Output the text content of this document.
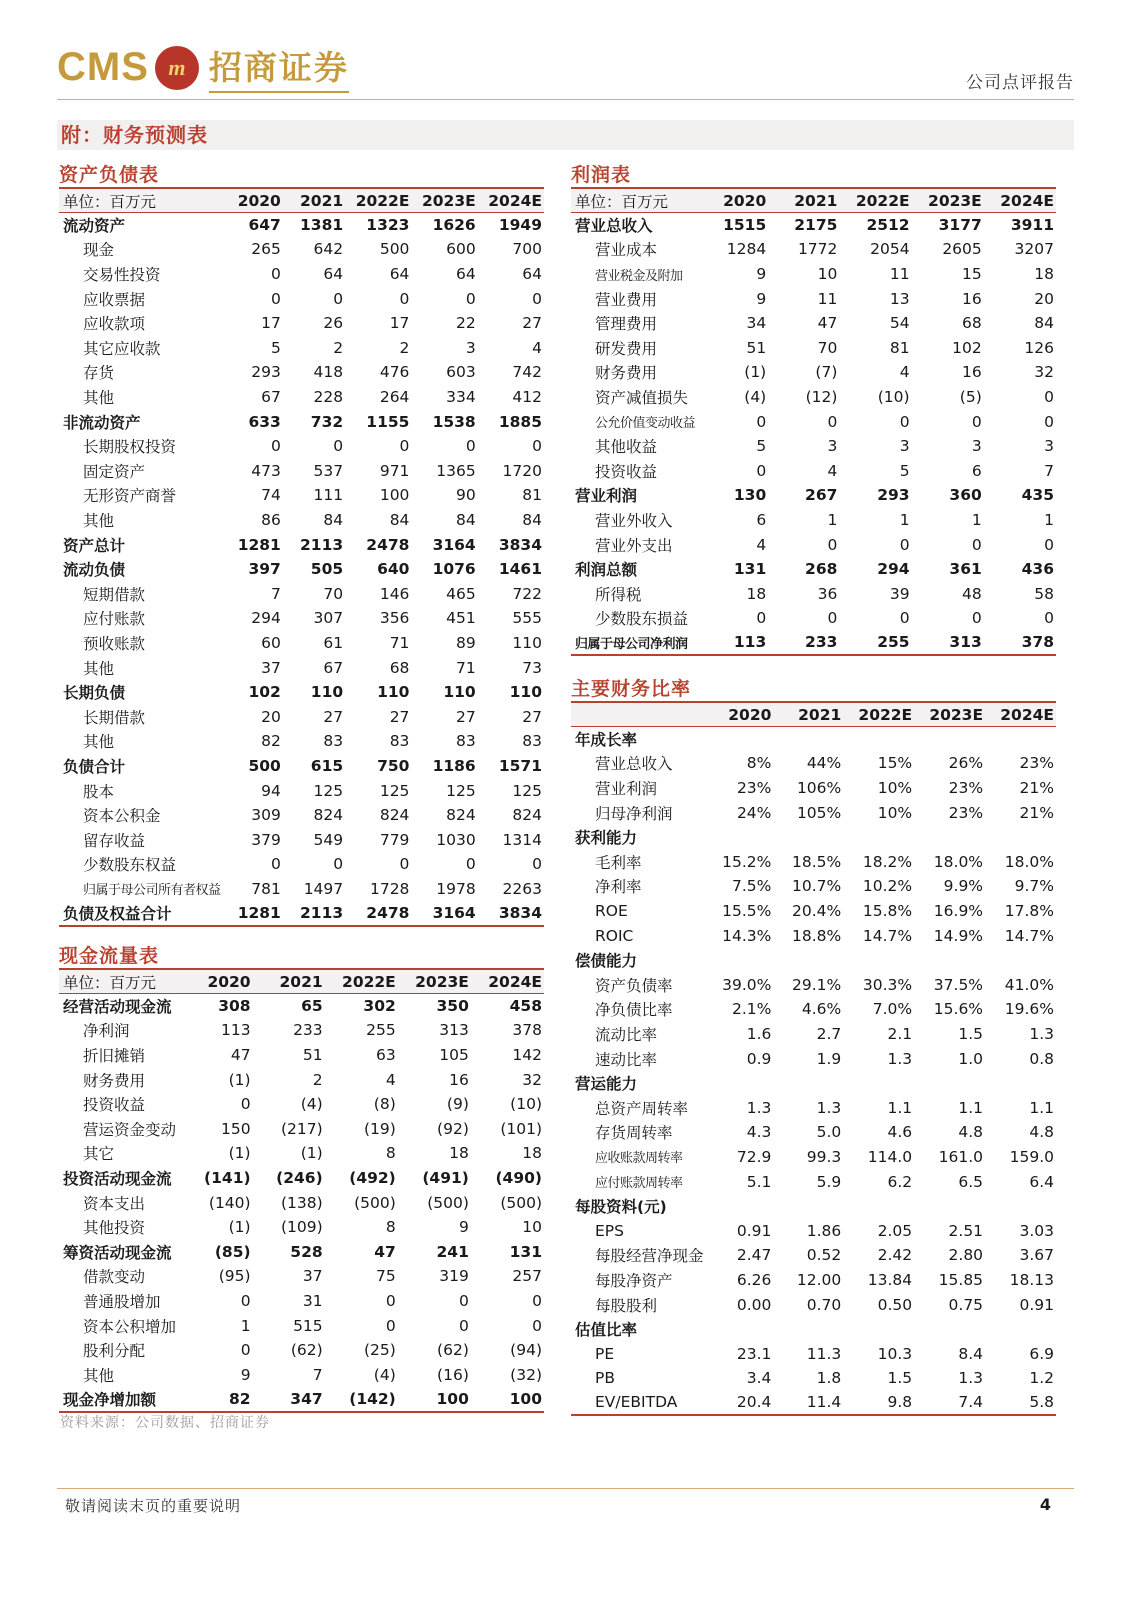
CMS m 招商证券	公司点评报告
附：财务预测表
资产负债表
单位：百万元	2020	2021	2022E	2023E	2024E
流动资产	647	1381	1323	1626	1949
现金	265	642	500	600	700
交易性投资	0	64	64	64	64
应收票据	0	0	0	0	0
应收款项	17	26	17	22	27
其它应收款	5	2	2	3	4
存货	293	418	476	603	742
其他	67	228	264	334	412
非流动资产	633	732	1155	1538	1885
长期股权投资	0	0	0	0	0
固定资产	473	537	971	1365	1720
无形资产商誉	74	111	100	90	81
其他	86	84	84	84	84
资产总计	1281	2113	2478	3164	3834
流动负债	397	505	640	1076	1461
短期借款	7	70	146	465	722
应付账款	294	307	356	451	555
预收账款	60	61	71	89	110
其他	37	67	68	71	73
长期负债	102	110	110	110	110
长期借款	20	27	27	27	27
其他	82	83	83	83	83
负债合计	500	615	750	1186	1571
股本	94	125	125	125	125
资本公积金	309	824	824	824	824
留存收益	379	549	779	1030	1314
少数股东权益	0	0	0	0	0
归属于母公司所有者权益	781	1497	1728	1978	2263
负债及权益合计	1281	2113	2478	3164	3834
现金流量表
单位：百万元	2020	2021	2022E	2023E	2024E
经营活动现金流	308	65	302	350	458
净利润	113	233	255	313	378
折旧摊销	47	51	63	105	142
财务费用	(1)	2	4	16	32
投资收益	0	(4)	(8)	(9)	(10)
营运资金变动	150	(217)	(19)	(92)	(101)
其它	(1)	(1)	8	18	18
投资活动现金流	(141)	(246)	(492)	(491)	(490)
资本支出	(140)	(138)	(500)	(500)	(500)
其他投资	(1)	(109)	8	9	10
筹资活动现金流	(85)	528	47	241	131
借款变动	(95)	37	75	319	257
普通股增加	0	31	0	0	0
资本公积增加	1	515	0	0	0
股利分配	0	(62)	(25)	(62)	(94)
其他	9	7	(4)	(16)	(32)
现金净增加额	82	347	(142)	100	100
利润表
单位：百万元	2020	2021	2022E	2023E	2024E
营业总收入	1515	2175	2512	3177	3911
营业成本	1284	1772	2054	2605	3207
营业税金及附加	9	10	11	15	18
营业费用	9	11	13	16	20
管理费用	34	47	54	68	84
研发费用	51	70	81	102	126
财务费用	(1)	(7)	4	16	32
资产减值损失	(4)	(12)	(10)	(5)	0
公允价值变动收益	0	0	0	0	0
其他收益	5	3	3	3	3
投资收益	0	4	5	6	7
营业利润	130	267	293	360	435
营业外收入	6	1	1	1	1
营业外支出	4	0	0	0	0
利润总额	131	268	294	361	436
所得税	18	36	39	48	58
少数股东损益	0	0	0	0	0
归属于母公司净利润	113	233	255	313	378
主要财务比率
	2020	2021	2022E	2023E	2024E
年成长率					
营业总收入	8%	44%	15%	26%	23%
营业利润	23%	106%	10%	23%	21%
归母净利润	24%	105%	10%	23%	21%
获利能力					
毛利率	15.2%	18.5%	18.2%	18.0%	18.0%
净利率	7.5%	10.7%	10.2%	9.9%	9.7%
ROE	15.5%	20.4%	15.8%	16.9%	17.8%
ROIC	14.3%	18.8%	14.7%	14.9%	14.7%
偿债能力					
资产负债率	39.0%	29.1%	30.3%	37.5%	41.0%
净负债比率	2.1%	4.6%	7.0%	15.6%	19.6%
流动比率	1.6	2.7	2.1	1.5	1.3
速动比率	0.9	1.9	1.3	1.0	0.8
营运能力					
总资产周转率	1.3	1.3	1.1	1.1	1.1
存货周转率	4.3	5.0	4.6	4.8	4.8
应收账款周转率	72.9	99.3	114.0	161.0	159.0
应付账款周转率	5.1	5.9	6.2	6.5	6.4
每股资料(元)					
EPS	0.91	1.86	2.05	2.51	3.03
每股经营净现金	2.47	0.52	2.42	2.80	3.67
每股净资产	6.26	12.00	13.84	15.85	18.13
每股股利	0.00	0.70	0.50	0.75	0.91
估值比率					
PE	23.1	11.3	10.3	8.4	6.9
PB	3.4	1.8	1.5	1.3	1.2
EV/EBITDA	20.4	11.4	9.8	7.4	5.8
资料来源：公司数据、招商证券
敬请阅读末页的重要说明	4
